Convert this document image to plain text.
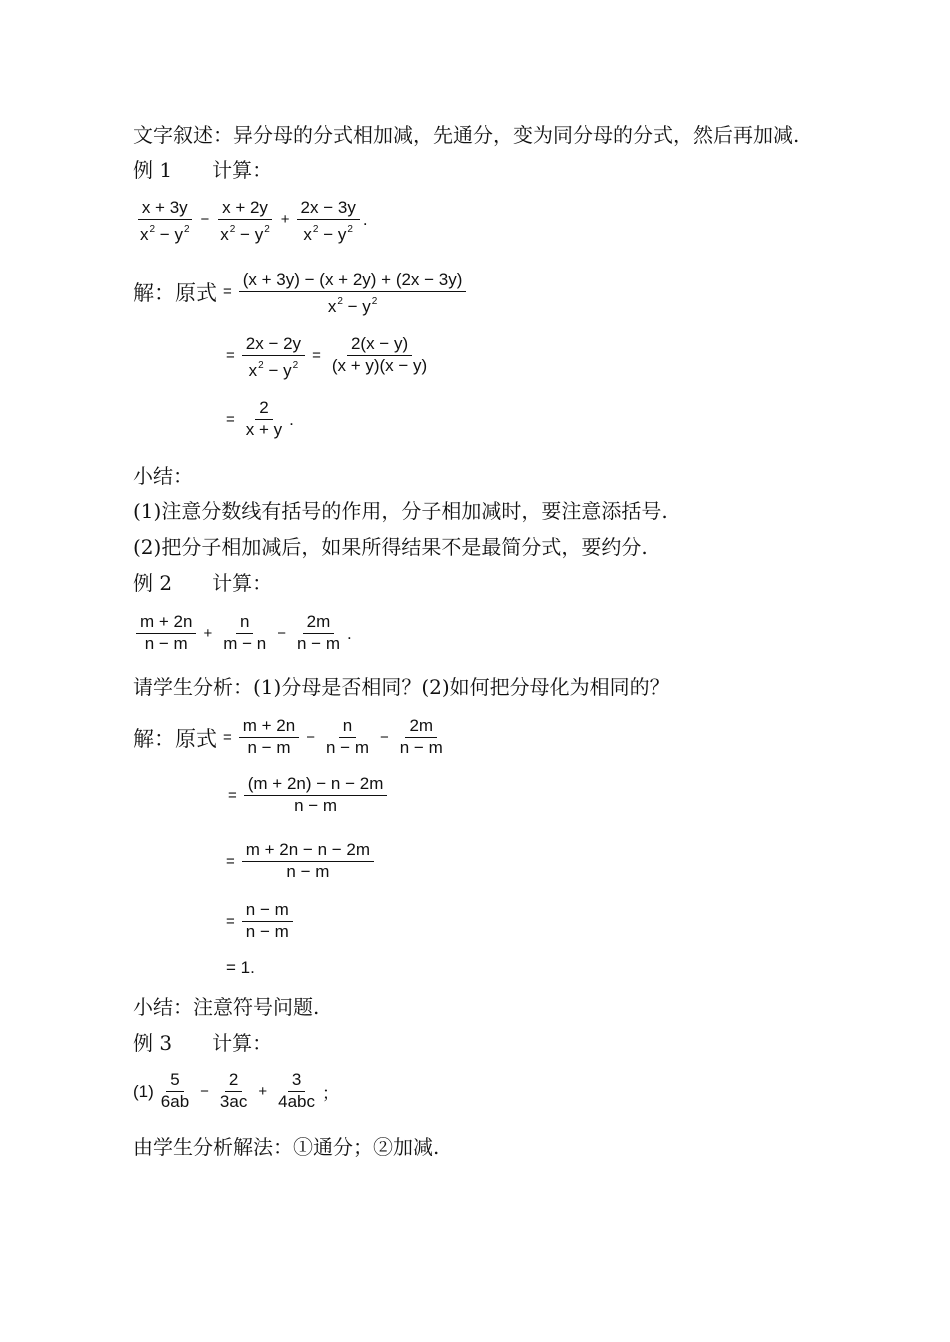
文字叙述：异分母的分式相加减，先通分，变为同分母的分式，然后再加减.
例 1 计算：
$\frac{x + 3y}{x^2 - y^2} - \frac{x + 2y}{x^2 - y^2} + \frac{2x - 3y}{x^2 - y^2}$ .
解：原式 = $\frac{(x + 3y) - (x + 2y) + (2x - 3y)}{x^2 - y^2}$
= $\frac{2x - 2y}{x^2 - y^2} = \frac{2(x - y)}{(x + y)(x - y)}$
= $\frac{2}{x + y}$ .
小结：
(1)注意分数线有括号的作用，分子相加减时，要注意添括号.
(2)把分子相加减后，如果所得结果不是最简分式，要约分.
例 2 计算：
$\frac{m + 2n}{n - m} + \frac{n}{m - n} - \frac{2m}{n - m}$ .
请学生分析：(1)分母是否相同？(2)如何把分母化为相同的？
解：原式 = $\frac{m + 2n}{n - m} - \frac{n}{n - m} - \frac{2m}{n - m}$
= $\frac{(m + 2n) - n - 2m}{n - m}$
= $\frac{m + 2n - n - 2m}{n - m}$
= $\frac{n - m}{n - m}$
= 1.
小结：注意符号问题.
例 3 计算：
$(1) \frac{5}{6ab} - \frac{2}{3ac} + \frac{3}{\text{4abc}}$ ；
由学生分析解法：①通分；②加减.
